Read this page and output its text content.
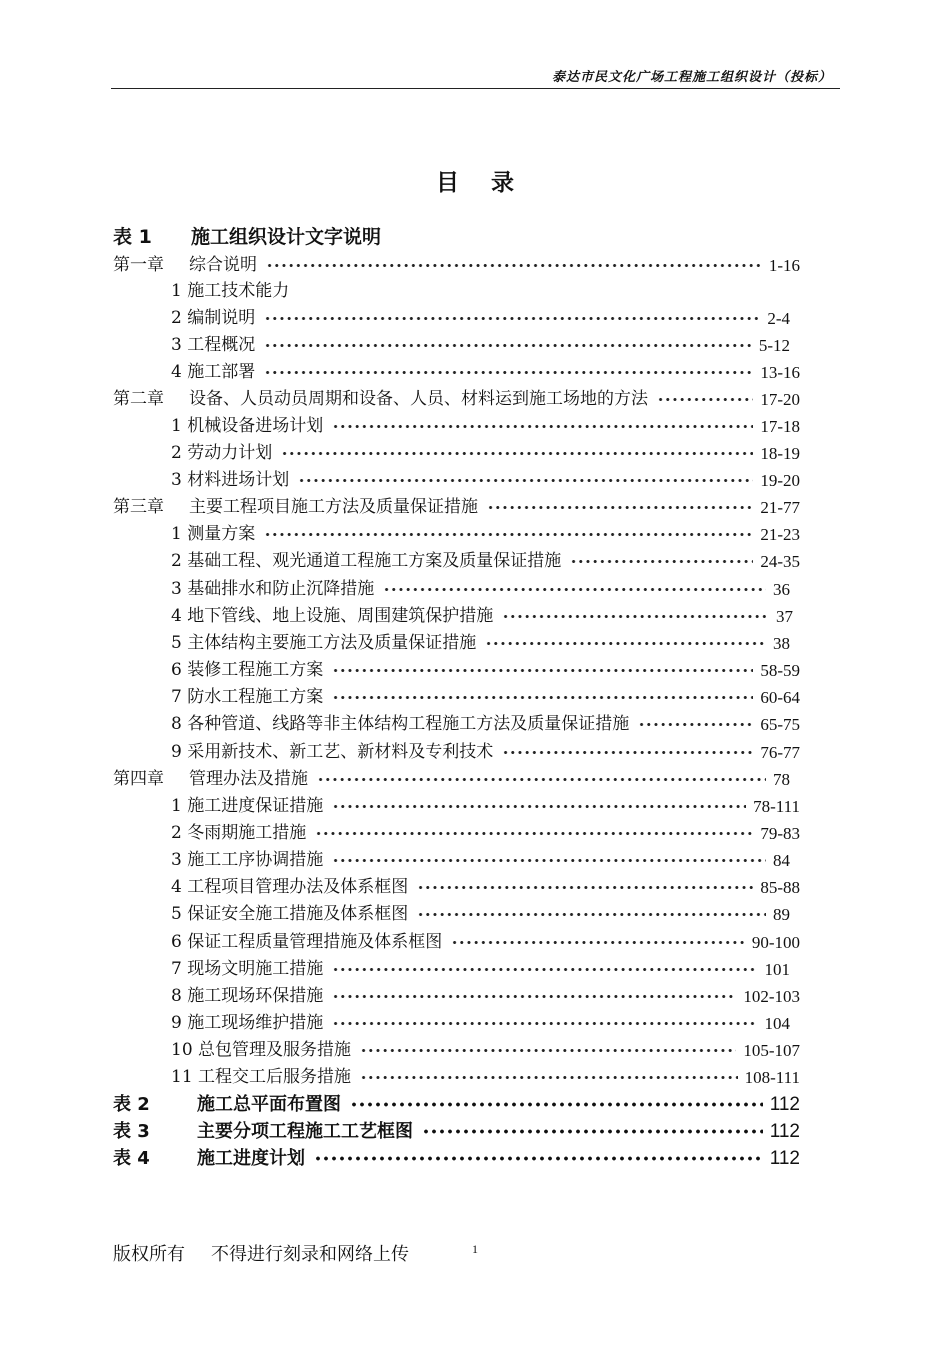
泰达市民文化广场工程施工组织设计（投标）
目    录
表 1 施工组织设计文字说明
第一章 综合说明	1-16
1 施工技术能力
2 编制说明	2-4
3 工程概况	5-12
4 施工部署	13-16
第二章 设备、人员动员周期和设备、人员、材料运到施工场地的方法	17-20
1 机械设备进场计划	17-18
2 劳动力计划	18-19
3 材料进场计划	19-20
第三章 主要工程项目施工方法及质量保证措施	21-77
1 测量方案	21-23
2 基础工程、观光通道工程施工方案及质量保证措施	24-35
3 基础排水和防止沉降措施	36
4 地下管线、地上设施、周围建筑保护措施	37
5 主体结构主要施工方法及质量保证措施	38
6 装修工程施工方案	58-59
7 防水工程施工方案	60-64
8 各种管道、线路等非主体结构工程施工方法及质量保证措施	65-75
9 采用新技术、新工艺、新材料及专利技术	76-77
第四章 管理办法及措施	78
1 施工进度保证措施	78-111
2 冬雨期施工措施	79-83
3 施工工序协调措施	84
4 工程项目管理办法及体系框图	85-88
5 保证安全施工措施及体系框图	89
6 保证工程质量管理措施及体系框图	90-100
7 现场文明施工措施	101
8 施工现场环保措施	102-103
9 施工现场维护措施	104
10 总包管理及服务措施	105-107
11 工程交工后服务措施	108-111
表 2	施工总平面布置图	112
表 3	主要分项工程施工工艺框图	112
表 4	施工进度计划	112
版权所有 不得进行刻录和网络上传	1
